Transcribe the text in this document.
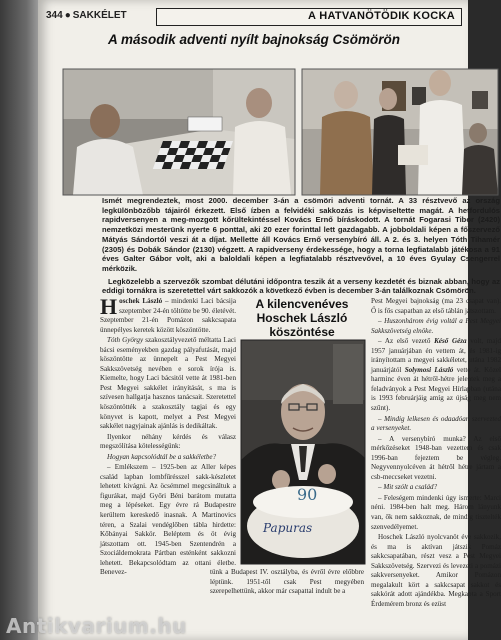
344 ● SAKKÉLET	A HATVANÖTÖDIK KOCKA
A második adventi nyílt bajnokság Csömörön

Ismét megrendeztek, most 2000. december 3-án a csömöri adventi tornát. A 33 résztvevő az ország legkülönbözőbb tájairól érkezett. Első ízben a felvidéki sakkozás is képviseltette magát. A hetfordulós rapidversenyen a meg-mozgott kőrültekintéssel Kovács Ernő bíráskodott. A tornát Fogarasi Tibor (2420) nemzetközi mesterünk nyerte 6 ponttal, aki 20 ezer forinttal lett gazdagabb. A jobboldali képen a főszervező Mátyás Sándortól veszi át a díjat. Mellette áll Kovács Ernő versenybíró áll. A 2. és 3. helyen Tóth Tihamér (2305) és Dobák Sándor (2130) végzett. A rapidverseny érdekessége, hogy a torna legfiatalabb játékosa a 91 éves Galter Gábor volt, aki a baloldali képen a legfiatalabb résztvevővel, a 10 éves Gyulay Csengerrel mérközik.

Legközelebb a szervezők szombat délutáni időpontra teszik át a verseny kezdetét és biznak abban, hogy az eddigi tornákra is szeretettel várt sakkozók a következő évben is december 3-án találkoznak Csömörön.

Hoschek László – mindenki Laci bácsija szeptember 24-én töltötte be 90. életévét. Szeptember 21-én Pomázon sakkcsapata ünnepélyes keretek között köszöntötte.

Tóth György szakosztályvezető méltatta Laci bácsi eseményekben gazdag pályafutását, majd köszöntötte az ünnepelt a Pest Megyei Sakkszövetség nevében e sorok írója is. Kiemelte, hogy Laci bácsitól vette át 1981-ben Pest Megyei sakkélet irányítását, s ma is szívesen hallgatja hasznos tanácsait. Szeretettel köszöntötték a szakosztály tagjai és egy könyvet is kapott, melyet a Pest Megyei sakkélet nagyjainak ajánlás is dedikáltak.

Ilyenkor néhány kérdés és válasz megszólítása kötelességünk:

Hogyan kapcsolódtál be a sakkéletbe?

– Emlékszem – 1925-ben az Aller képes család lapban lombfűrésszel sakk-készletet lehetett kivágni. Az öcsémmel megcsináltuk a figurákat, majd Győri Béni barátom mutatta meg a lépéseket. Egy évre rá Budapestre kerültem kereskedő inasnak. A Martinovics téren, a Szalai vendéglőben tábla hirdette: Kőbányai Sakkör. Beléptem és öt évig játszottam ott. 1945-ben Szentendrén a Szociáldemokrata Pártban esténként sakkozni lehetett. Bekapcsolódtam az ottani életbe. Benevez-

A kilencvenéves
Hoschek László
köszöntése
90
Papuras

tünk a Budapest IV. osztályba, és évről évre előbbre léptünk. 1951-től csak Pest megyében szerepelhettünk, akkor már csapattal indult be a

Pest Megyei bajnokság (ma 23 csapat van). Ő is fős csapatban az első táblán játszottam.

– Huszonhárom évig voltál a Pest Megyei Sakkszövetség elnöke.

– Az első vezető Késő Géza volt, majd 1957 januárjában én vettem át, és 1981-ig irányítottam a megyei sakkéletet, utána 1982 januárjától Solymosi László vette át. Közel harminc éven át hétről-hétre jelentek meg a feladványok a Pest Megyei Hírlapban (utána is 1993 februárjáig amíg az újság meg nem szűnt).

– Mindig lelkesen és odaadóan szervezted a versenyeket.

– A versenybíró munka? Az első mérkőzéseket 1948-ban vezettem és csak 1996-ban fejeztem be végleg. Negyvennyolcéven át hétről hétre jártam a csb-meccseket vezetni.

– Mit szólt a család?

– Feleségem mindenki úgy ismerte: Marci néni. 1984-ben halt meg. Három lányunk van, ők nem sakkoznak, de mindig tisztelték szenvedélyemet.

Hoschek László nyolcvanöt éve sakkozik, és ma is aktívan játszik Pomáz sakkcsapatában, részt vesz a Pest Megyei Sakkszövetség. Szervezi és levezeti a pomázi sakkversenyeket. Amikor Pomázon megalakult kört a sakkcsapat sakkot és sakkórát adott ajándékba. Megkapta a Sport Érdemérem bronz és ezüst

Antikvarium.hu
